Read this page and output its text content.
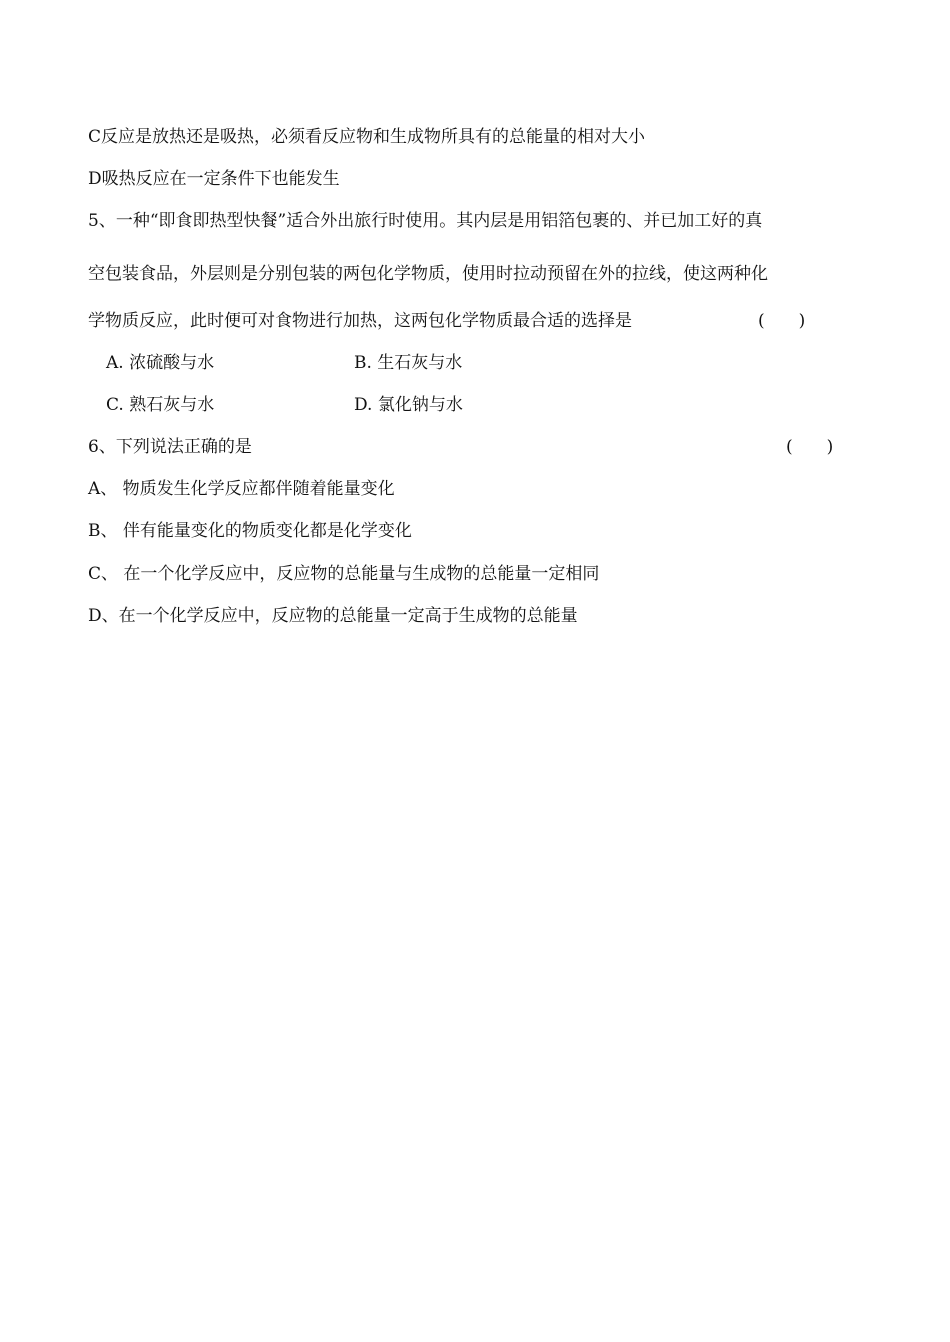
C反应是放热还是吸热，必须看反应物和生成物所具有的总能量的相对大小
D吸热反应在一定条件下也能发生
5、一种“即食即热型快餐”适合外出旅行时使用。其内层是用铝箔包裹的、并已加工好的真
空包装食品，外层则是分别包装的两包化学物质，使用时拉动预留在外的拉线，使这两种化
学物质反应，此时便可对食物进行加热，这两包化学物质最合适的选择是	(　　)
A. 浓硫酸与水	B. 生石灰与水
C. 熟石灰与水	D. 氯化钠与水
6、下列说法正确的是	(　　)
A、 物质发生化学反应都伴随着能量变化
B、 伴有能量变化的物质变化都是化学变化
C、 在一个化学反应中，反应物的总能量与生成物的总能量一定相同
D、在一个化学反应中，反应物的总能量一定高于生成物的总能量
